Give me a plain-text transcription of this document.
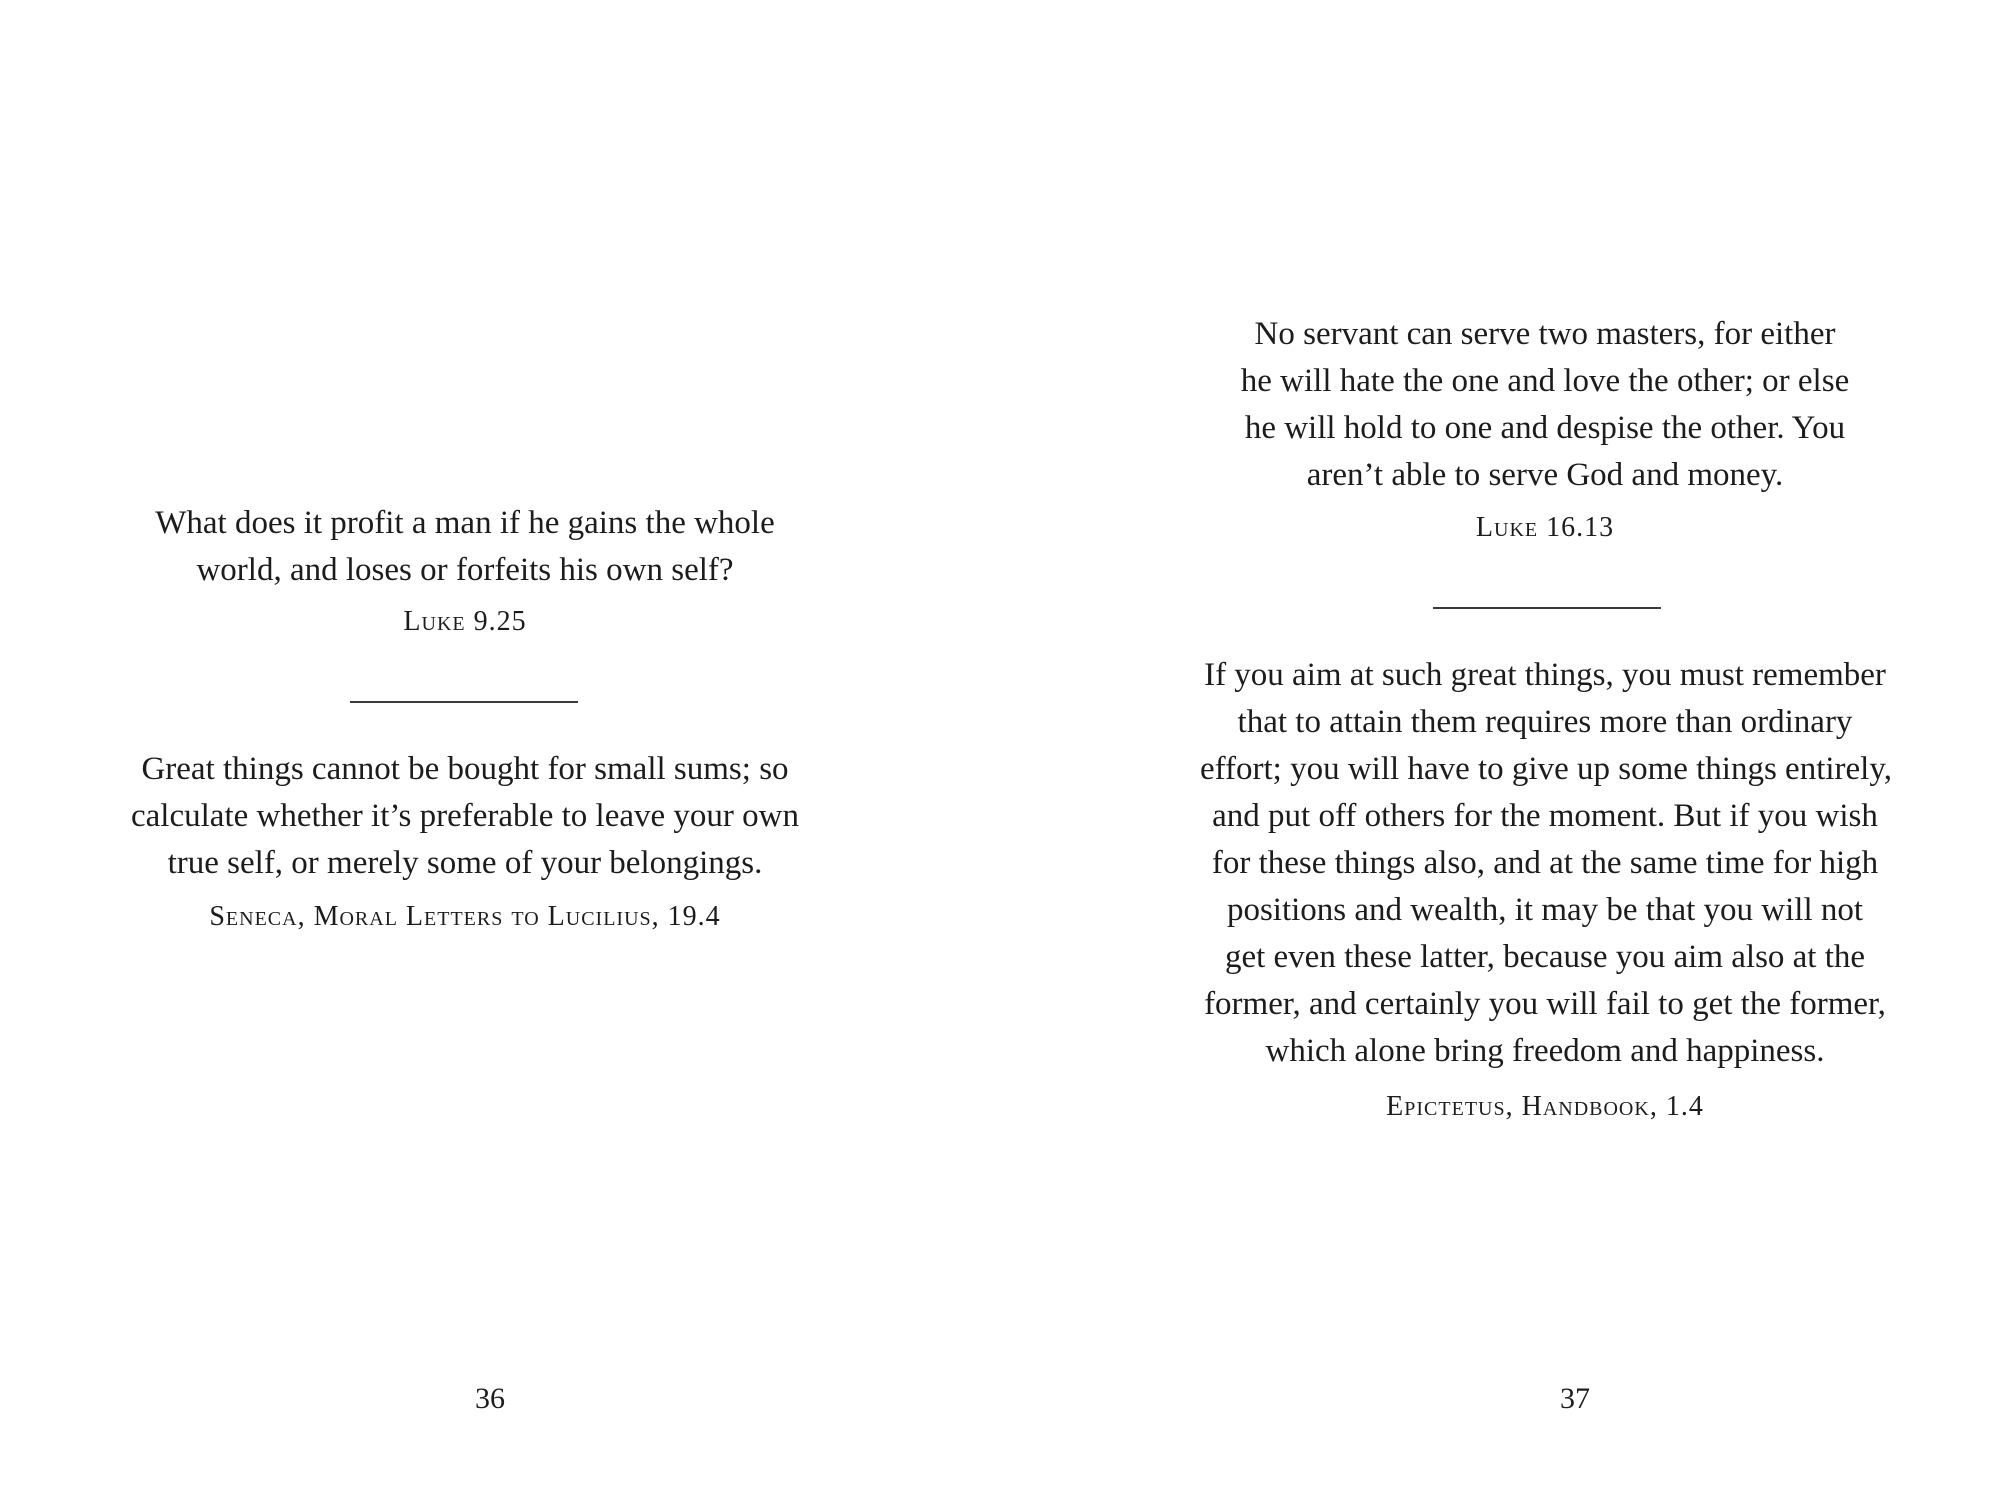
What does it profit a man if he gains the whole
world, and loses or forfeits his own self?

Luke 9.25

Great things cannot be bought for small sums; so
calculate whether it’s preferable to leave your own
true self, or merely some of your belongings.

Seneca, Moral Letters to Lucilius, 19.4

36

No servant can serve two masters, for either
he will hate the one and love the other; or else
he will hold to one and despise the other. You
aren’t able to serve God and money.

Luke 16.13

If you aim at such great things, you must remember
that to attain them requires more than ordinary
effort; you will have to give up some things entirely,
and put off others for the moment. But if you wish
for these things also, and at the same time for high
positions and wealth, it may be that you will not
get even these latter, because you aim also at the
former, and certainly you will fail to get the former,
which alone bring freedom and happiness.

Epictetus, Handbook, 1.4

37
